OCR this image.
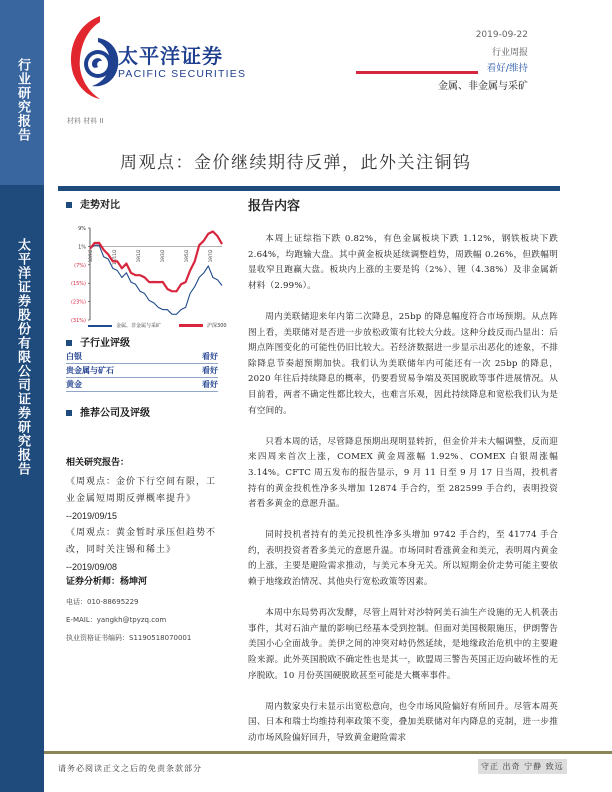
行业研究报告
太平洋证券股份有限公司证券研究报告
太平洋证券
PACIFIC SECURITIES
2019-09-22
行业周报
看好/维持
金属、非金属与采矿
材料 材料 II
周观点：金价继续期待反弹，此外关注铜钨
走势对比
9%
1%
(7%)
(15%)
(23%)
(31%)
18/9/2	18/11/2	19/1/2	19/3/2	19/5/2	19/7/2
金属、非金属与采矿	沪深300
子行业评级
白银	看好
贵金属与矿石	看好
黄金	看好
推荐公司及评级
相关研究报告：
《周观点：金价下行空间有限，工业金属短周期反弹概率提升》
--2019/09/15
《周观点：黄金暂时承压但趋势不改，同时关注锡和稀土》
--2019/09/08
证券分析师：杨坤河
电话：010-88695229
E-MAIL：yangkh@tpyzq.com
执业资格证书编码：S1190518070001
报告内容

本周上证综指下跌 0.82%，有色金属板块下跌 1.12%，钢铁板块下跌 2.64%，均跑输大盘。其中黄金板块延续调整趋势，周跌幅 0.26%，但跌幅明显收窄且跑赢大盘。板块内上涨的主要是钨（2%）、锂（4.38%）及非金属新材料（2.99%）。

周内美联储迎来年内第二次降息，25bp 的降息幅度符合市场预期。从点阵图上看，美联储对是否进一步放松政策有比较大分歧。这种分歧反而凸显出：后期点阵图变化的可能性仍旧比较大。若经济数据进一步显示出恶化的迹象，不排除降息节奏超预期加快。我们认为美联储年内可能还有一次 25bp 的降息，2020 年往后持续降息的概率，仍要看贸易争端及英国脱欧等事件进展情况。从目前看，两者不确定性都比较大，也难言乐观，因此持续降息和宽松我们认为是有空间的。

只看本周的话，尽管降息预期出现明显转折，但金价并未大幅调整，反而迎来四周来首次上涨，COMEX 黄金周涨幅 1.92%、COMEX 白银周涨幅 3.14%。CFTC 周五发布的报告显示，9 月 11 日至 9 月 17 日当周，投机者持有的黄金投机性净多头增加 12874 手合约，至 282599 手合约，表明投资者看多黄金的意愿升温。

同时投机者持有的美元投机性净多头增加 9742 手合约，至 41774 手合约，表明投资者看多美元的意愿升温。市场同时看涨黄金和美元，表明周内黄金的上涨，主要是避险需求推动，与美元本身无关。所以短期金价走势可能主要依赖于地缘政治情况、其他央行宽松政策等因素。

本周中东局势再次发酵，尽管上周针对沙特阿美石油生产设施的无人机袭击事件，其对石油产量的影响已经基本受到控制。但面对美国极限施压，伊朗警告美国小心全面战争。美伊之间的冲突对峙仍然延续，是地缘政治危机中的主要避险来源。此外英国脱欧不确定性也是其一，欧盟周三警告英国正迈向破坏性的无序脱欧。10 月份英国硬脱欧甚至可能是大概率事件。

周内数家央行未显示出宽松意向，也令市场风险偏好有所回升。尽管本周英国、日本和瑞士均维持利率政策不变，叠加美联储对年内降息的克制，进一步推动市场风险偏好回升，导致黄金避险需求

请务必阅读正文之后的免责条款部分	守正 出奇 宁静 致远
